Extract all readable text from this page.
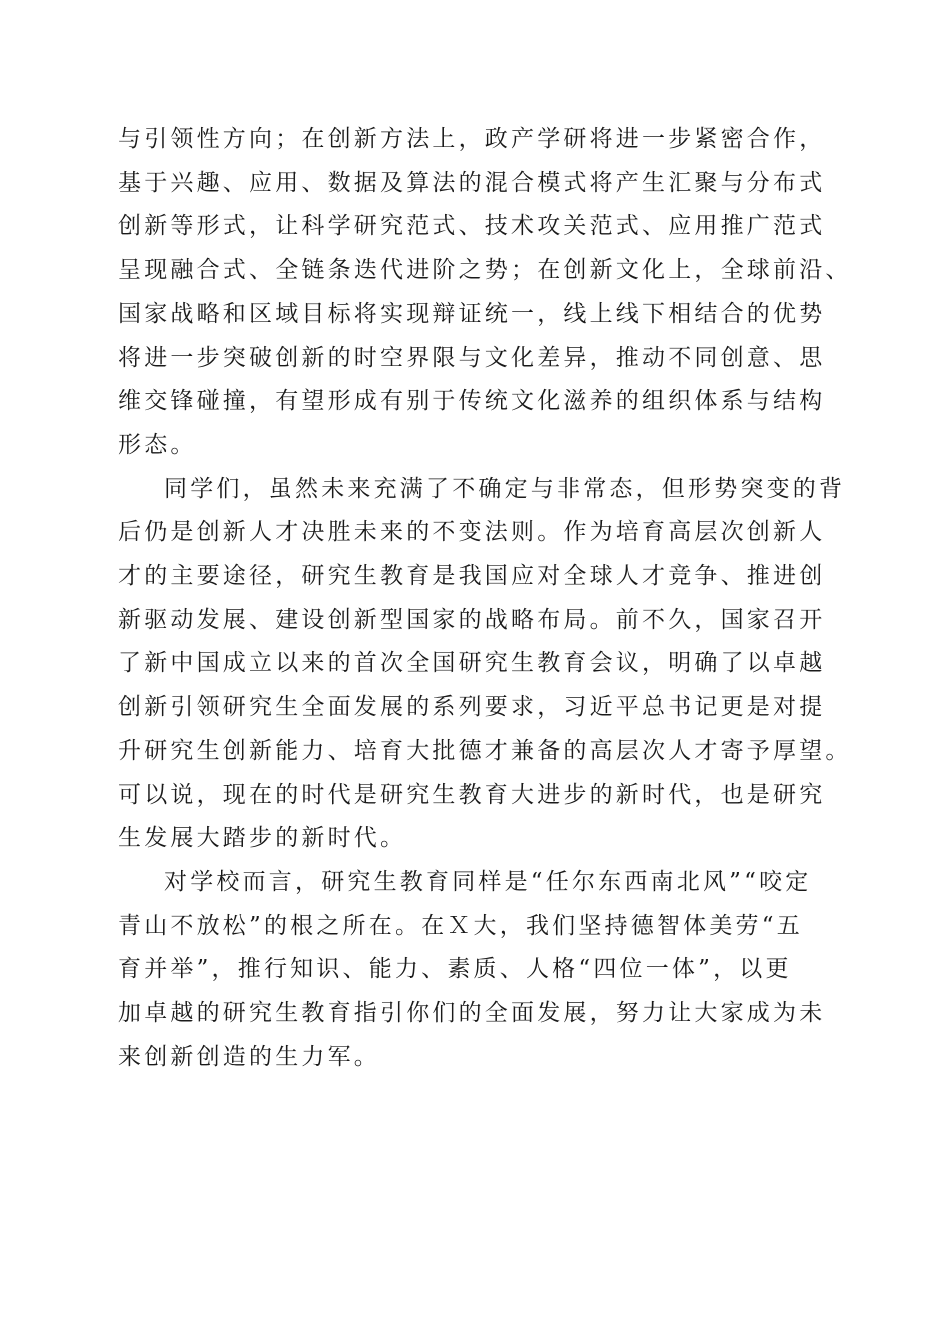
与引领性方向；在创新方法上，政产学研将进一步紧密合作，
基于兴趣、应用、数据及算法的混合模式将产生汇聚与分布式
创新等形式，让科学研究范式、技术攻关范式、应用推广范式
呈现融合式、全链条迭代进阶之势；在创新文化上，全球前沿、
国家战略和区域目标将实现辩证统一，线上线下相结合的优势
将进一步突破创新的时空界限与文化差异，推动不同创意、思
维交锋碰撞，有望形成有别于传统文化滋养的组织体系与结构
形态。

同学们，虽然未来充满了不确定与非常态，但形势突变的背
后仍是创新人才决胜未来的不变法则。作为培育高层次创新人
才的主要途径，研究生教育是我国应对全球人才竞争、推进创
新驱动发展、建设创新型国家的战略布局。前不久，国家召开
了新中国成立以来的首次全国研究生教育会议，明确了以卓越
创新引领研究生全面发展的系列要求，习近平总书记更是对提
升研究生创新能力、培育大批德才兼备的高层次人才寄予厚望。
可以说，现在的时代是研究生教育大进步的新时代，也是研究
生发展大踏步的新时代。

对学校而言，研究生教育同样是“任尔东西南北风”“咬定
青山不放松”的根之所在。在Ｘ大，我们坚持德智体美劳“五
育并举”，推行知识、能力、素质、人格“四位一体”，以更
加卓越的研究生教育指引你们的全面发展，努力让大家成为未
来创新创造的生力军。
